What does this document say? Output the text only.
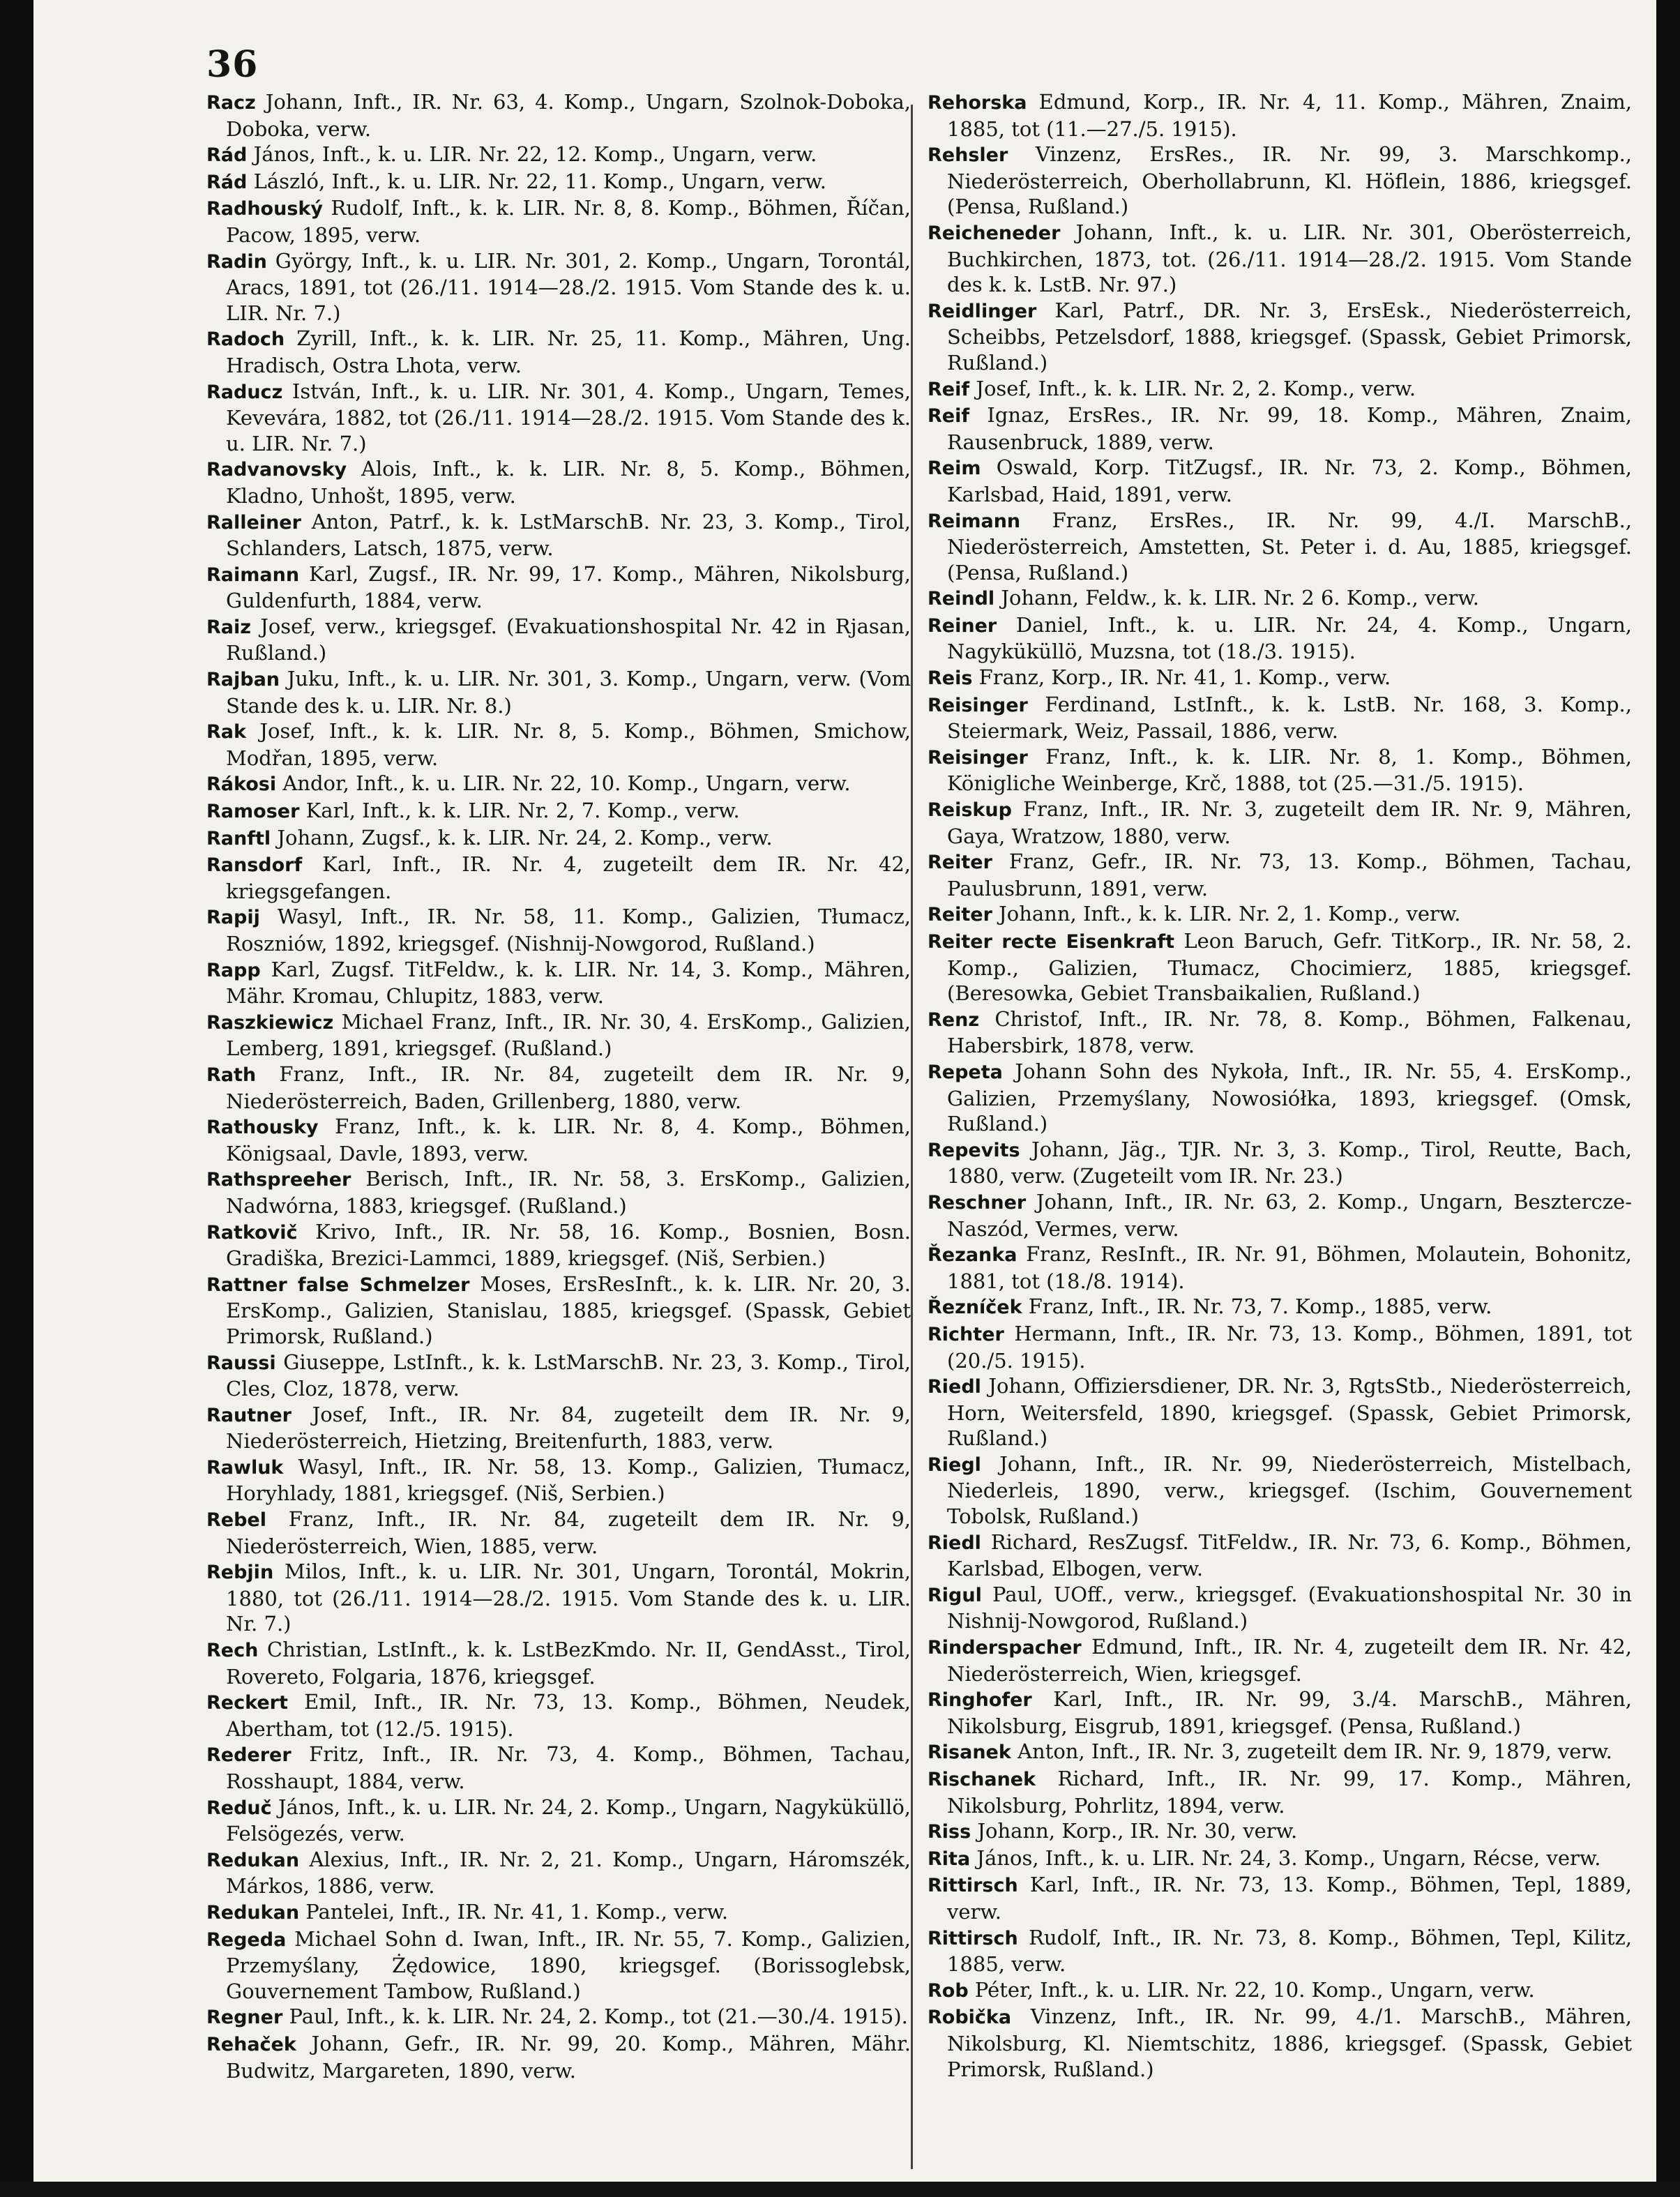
36

Racz Johann, Inft., IR. Nr. 63, 4. Komp., Ungarn, Szolnok-Doboka, Doboka, verw.

Rád János, Inft., k. u. LIR. Nr. 22, 12. Komp., Ungarn, verw.

Rád László, Inft., k. u. LIR. Nr. 22, 11. Komp., Ungarn, verw.

Radhouský Rudolf, Inft., k. k. LIR. Nr. 8, 8. Komp., Böhmen, Říčan, Pacow, 1895, verw.

Radin György, Inft., k. u. LIR. Nr. 301, 2. Komp., Ungarn, Torontál, Aracs, 1891, tot (26./11. 1914—28./2. 1915. Vom Stande des k. u. LIR. Nr. 7.)

Radoch Zyrill, Inft., k. k. LIR. Nr. 25, 11. Komp., Mähren, Ung. Hradisch, Ostra Lhota, verw.

Raducz István, Inft., k. u. LIR. Nr. 301, 4. Komp., Ungarn, Temes, Kevevára, 1882, tot (26./11. 1914—28./2. 1915. Vom Stande des k. u. LIR. Nr. 7.)

Radvanovsky Alois, Inft., k. k. LIR. Nr. 8, 5. Komp., Böhmen, Kladno, Unhošt, 1895, verw.

Ralleiner Anton, Patrf., k. k. LstMarschB. Nr. 23, 3. Komp., Tirol, Schlanders, Latsch, 1875, verw.

Raimann Karl, Zugsf., IR. Nr. 99, 17. Komp., Mähren, Nikolsburg, Guldenfurth, 1884, verw.

Raiz Josef, verw., kriegsgef. (Evakuationshospital Nr. 42 in Rjasan, Rußland.)

Rajban Juku, Inft., k. u. LIR. Nr. 301, 3. Komp., Ungarn, verw. (Vom Stande des k. u. LIR. Nr. 8.)

Rak Josef, Inft., k. k. LIR. Nr. 8, 5. Komp., Böhmen, Smichow, Modřan, 1895, verw.

Rákosi Andor, Inft., k. u. LIR. Nr. 22, 10. Komp., Ungarn, verw.

Ramoser Karl, Inft., k. k. LIR. Nr. 2, 7. Komp., verw.

Ranftl Johann, Zugsf., k. k. LIR. Nr. 24, 2. Komp., verw.

Ransdorf Karl, Inft., IR. Nr. 4, zugeteilt dem IR. Nr. 42, kriegsgefangen.

Rapij Wasyl, Inft., IR. Nr. 58, 11. Komp., Galizien, Tłumacz, Roszniów, 1892, kriegsgef. (Nishnij-Nowgorod, Rußland.)

Rapp Karl, Zugsf. TitFeldw., k. k. LIR. Nr. 14, 3. Komp., Mähren, Mähr. Kromau, Chlupitz, 1883, verw.

Raszkiewicz Michael Franz, Inft., IR. Nr. 30, 4. ErsKomp., Galizien, Lemberg, 1891, kriegsgef. (Rußland.)

Rath Franz, Inft., IR. Nr. 84, zugeteilt dem IR. Nr. 9, Niederösterreich, Baden, Grillenberg, 1880, verw.

Rathousky Franz, Inft., k. k. LIR. Nr. 8, 4. Komp., Böhmen, Königsaal, Davle, 1893, verw.

Rathspreeher Berisch, Inft., IR. Nr. 58, 3. ErsKomp., Galizien, Nadwórna, 1883, kriegsgef. (Rußland.)

Ratkovič Krivo, Inft., IR. Nr. 58, 16. Komp., Bosnien, Bosn. Gradiška, Brezici-Lammci, 1889, kriegsgef. (Niš, Serbien.)

Rattner false Schmelzer Moses, ErsResInft., k. k. LIR. Nr. 20, 3. ErsKomp., Galizien, Stanislau, 1885, kriegsgef. (Spassk, Gebiet Primorsk, Rußland.)

Raussi Giuseppe, LstInft., k. k. LstMarschB. Nr. 23, 3. Komp., Tirol, Cles, Cloz, 1878, verw.

Rautner Josef, Inft., IR. Nr. 84, zugeteilt dem IR. Nr. 9, Niederösterreich, Hietzing, Breitenfurth, 1883, verw.

Rawluk Wasyl, Inft., IR. Nr. 58, 13. Komp., Galizien, Tłumacz, Horyhlady, 1881, kriegsgef. (Niš, Serbien.)

Rebel Franz, Inft., IR. Nr. 84, zugeteilt dem IR. Nr. 9, Niederösterreich, Wien, 1885, verw.

Rebjin Milos, Inft., k. u. LIR. Nr. 301, Ungarn, Torontál, Mokrin, 1880, tot (26./11. 1914—28./2. 1915. Vom Stande des k. u. LIR. Nr. 7.)

Rech Christian, LstInft., k. k. LstBezKmdo. Nr. II, GendAsst., Tirol, Rovereto, Folgaria, 1876, kriegsgef.

Reckert Emil, Inft., IR. Nr. 73, 13. Komp., Böhmen, Neudek, Abertham, tot (12./5. 1915).

Rederer Fritz, Inft., IR. Nr. 73, 4. Komp., Böhmen, Tachau, Rosshaupt, 1884, verw.

Reduč János, Inft., k. u. LIR. Nr. 24, 2. Komp., Ungarn, Nagyküküllö, Felsögezés, verw.

Redukan Alexius, Inft., IR. Nr. 2, 21. Komp., Ungarn, Háromszék, Márkos, 1886, verw.

Redukan Pantelei, Inft., IR. Nr. 41, 1. Komp., verw.

Regeda Michael Sohn d. Iwan, Inft., IR. Nr. 55, 7. Komp., Galizien, Przemyślany, Żędowice, 1890, kriegsgef. (Borissoglebsk, Gouvernement Tambow, Rußland.)

Regner Paul, Inft., k. k. LIR. Nr. 24, 2. Komp., tot (21.—30./4. 1915).

Rehaček Johann, Gefr., IR. Nr. 99, 20. Komp., Mähren, Mähr. Budwitz, Margareten, 1890, verw.

Rehorska Edmund, Korp., IR. Nr. 4, 11. Komp., Mähren, Znaim, 1885, tot (11.—27./5. 1915).

Rehsler Vinzenz, ErsRes., IR. Nr. 99, 3. Marschkomp., Niederösterreich, Oberhollabrunn, Kl. Höflein, 1886, kriegsgef. (Pensa, Rußland.)

Reicheneder Johann, Inft., k. u. LIR. Nr. 301, Oberösterreich, Buchkirchen, 1873, tot. (26./11. 1914—28./2. 1915. Vom Stande des k. k. LstB. Nr. 97.)

Reidlinger Karl, Patrf., DR. Nr. 3, ErsEsk., Niederösterreich, Scheibbs, Petzelsdorf, 1888, kriegsgef. (Spassk, Gebiet Primorsk, Rußland.)

Reif Josef, Inft., k. k. LIR. Nr. 2, 2. Komp., verw.

Reif Ignaz, ErsRes., IR. Nr. 99, 18. Komp., Mähren, Znaim, Rausenbruck, 1889, verw.

Reim Oswald, Korp. TitZugsf., IR. Nr. 73, 2. Komp., Böhmen, Karlsbad, Haid, 1891, verw.

Reimann Franz, ErsRes., IR. Nr. 99, 4./I. MarschB., Niederösterreich, Amstetten, St. Peter i. d. Au, 1885, kriegsgef. (Pensa, Rußland.)

Reindl Johann, Feldw., k. k. LIR. Nr. 2 6. Komp., verw.

Reiner Daniel, Inft., k. u. LIR. Nr. 24, 4. Komp., Ungarn, Nagyküküllö, Muzsna, tot (18./3. 1915).

Reis Franz, Korp., IR. Nr. 41, 1. Komp., verw.

Reisinger Ferdinand, LstInft., k. k. LstB. Nr. 168, 3. Komp., Steiermark, Weiz, Passail, 1886, verw.

Reisinger Franz, Inft., k. k. LIR. Nr. 8, 1. Komp., Böhmen, Königliche Weinberge, Krč, 1888, tot (25.—31./5. 1915).

Reiskup Franz, Inft., IR. Nr. 3, zugeteilt dem IR. Nr. 9, Mähren, Gaya, Wratzow, 1880, verw.

Reiter Franz, Gefr., IR. Nr. 73, 13. Komp., Böhmen, Tachau, Paulusbrunn, 1891, verw.

Reiter Johann, Inft., k. k. LIR. Nr. 2, 1. Komp., verw.

Reiter recte Eisenkraft Leon Baruch, Gefr. TitKorp., IR. Nr. 58, 2. Komp., Galizien, Tłumacz, Chocimierz, 1885, kriegsgef. (Beresowka, Gebiet Transbaikalien, Rußland.)

Renz Christof, Inft., IR. Nr. 78, 8. Komp., Böhmen, Falkenau, Habersbirk, 1878, verw.

Repeta Johann Sohn des Nykoła, Inft., IR. Nr. 55, 4. ErsKomp., Galizien, Przemyślany, Nowosiółka, 1893, kriegsgef. (Omsk, Rußland.)

Repevits Johann, Jäg., TJR. Nr. 3, 3. Komp., Tirol, Reutte, Bach, 1880, verw. (Zugeteilt vom IR. Nr. 23.)

Reschner Johann, Inft., IR. Nr. 63, 2. Komp., Ungarn, Besztercze-Naszód, Vermes, verw.

Řezanka Franz, ResInft., IR. Nr. 91, Böhmen, Molautein, Bohonitz, 1881, tot (18./8. 1914).

Řezníček Franz, Inft., IR. Nr. 73, 7. Komp., 1885, verw.

Richter Hermann, Inft., IR. Nr. 73, 13. Komp., Böhmen, 1891, tot (20./5. 1915).

Riedl Johann, Offiziersdiener, DR. Nr. 3, RgtsStb., Niederösterreich, Horn, Weitersfeld, 1890, kriegsgef. (Spassk, Gebiet Primorsk, Rußland.)

Riegl Johann, Inft., IR. Nr. 99, Niederösterreich, Mistelbach, Niederleis, 1890, verw., kriegsgef. (Ischim, Gouvernement Tobolsk, Rußland.)

Riedl Richard, ResZugsf. TitFeldw., IR. Nr. 73, 6. Komp., Böhmen, Karlsbad, Elbogen, verw.

Rigul Paul, UOff., verw., kriegsgef. (Evakuationshospital Nr. 30 in Nishnij-Nowgorod, Rußland.)

Rinderspacher Edmund, Inft., IR. Nr. 4, zugeteilt dem IR. Nr. 42, Niederösterreich, Wien, kriegsgef.

Ringhofer Karl, Inft., IR. Nr. 99, 3./4. MarschB., Mähren, Nikolsburg, Eisgrub, 1891, kriegsgef. (Pensa, Rußland.)

Risanek Anton, Inft., IR. Nr. 3, zugeteilt dem IR. Nr. 9, 1879, verw.

Rischanek Richard, Inft., IR. Nr. 99, 17. Komp., Mähren, Nikolsburg, Pohrlitz, 1894, verw.

Riss Johann, Korp., IR. Nr. 30, verw.

Rita János, Inft., k. u. LIR. Nr. 24, 3. Komp., Ungarn, Récse, verw.

Rittirsch Karl, Inft., IR. Nr. 73, 13. Komp., Böhmen, Tepl, 1889, verw.

Rittirsch Rudolf, Inft., IR. Nr. 73, 8. Komp., Böhmen, Tepl, Kilitz, 1885, verw.

Rob Péter, Inft., k. u. LIR. Nr. 22, 10. Komp., Ungarn, verw.

Robička Vinzenz, Inft., IR. Nr. 99, 4./1. MarschB., Mähren, Nikolsburg, Kl. Niemtschitz, 1886, kriegsgef. (Spassk, Gebiet Primorsk, Rußland.)
